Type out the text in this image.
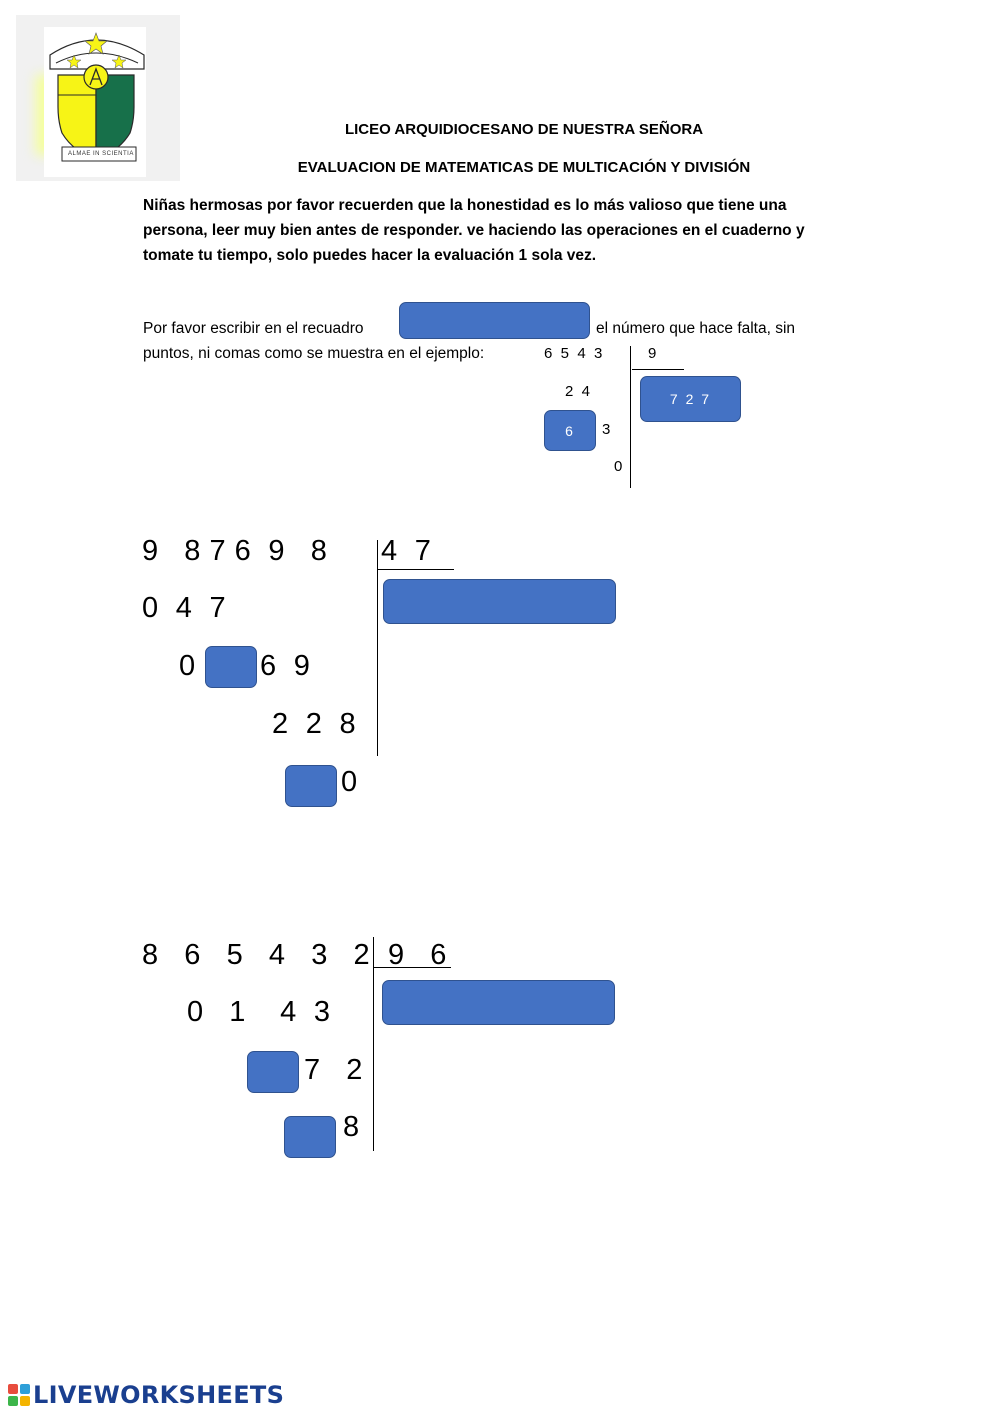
ALMAE IN SCIENTIA
LICEO ARQUIDIOCESANO DE NUESTRA SEÑORA
EVALUACION DE MATEMATICAS DE MULTICACIÓN Y DIVISIÓN
Niñas hermosas por favor recuerden que la honestidad es lo más valioso que tiene una persona, leer muy bien antes de responder. ve haciendo las operaciones en el cuaderno y tomate tu tiempo, solo puedes hacer la evaluación 1 sola vez.
Por favor escribir en el recuadro	el número que hace falta, sin
puntos, ni comas como se muestra en el ejemplo:	6  5  4  3	9
2  4	7 2 7
6	3
0
9   8 7 6  9   8 4  7
0  4  7
0 6  9
2  2  8
0
8   6   5   4   3   2 9   6
0   1    4  3
7   2
8
LIVEWORKSHEETS
